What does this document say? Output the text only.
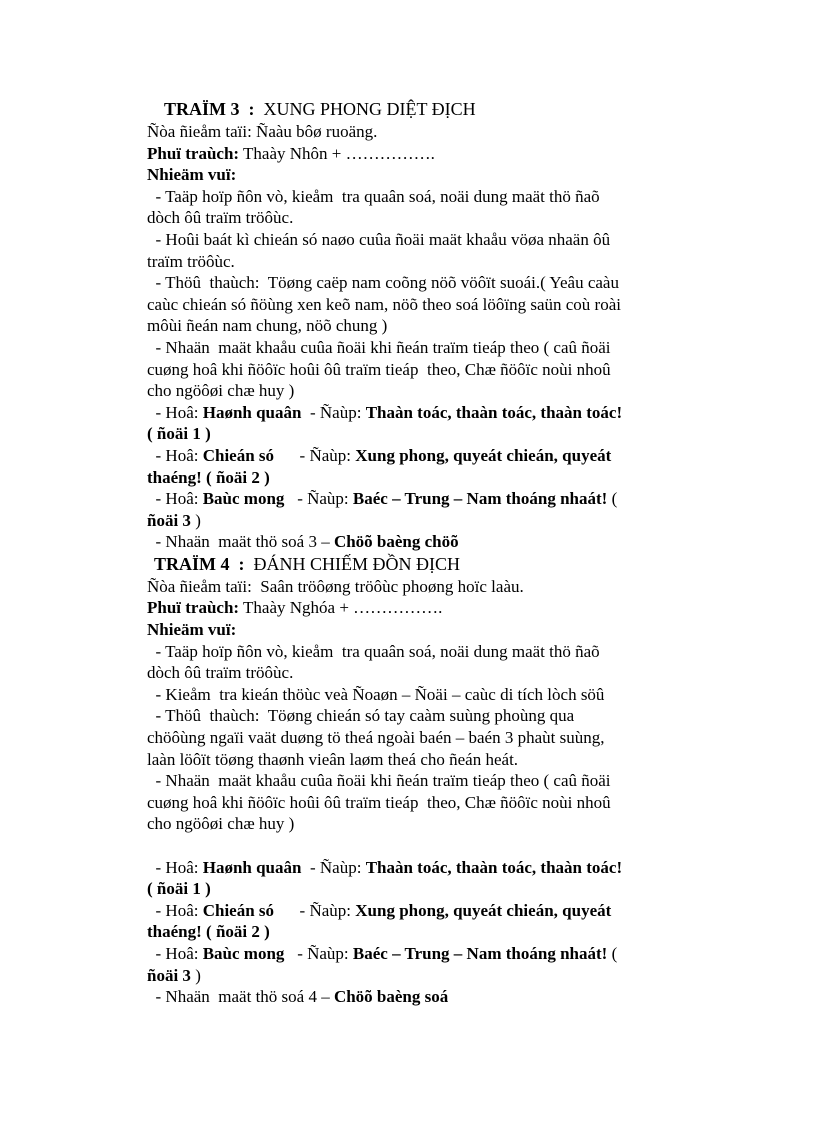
TRAÏM 3  :  XUNG PHONG DIỆT ĐỊCH
Ñòa ñieåm taïi: Ñaàu bôø ruoäng.
Phuï traùch: Thaày Nhôn + …………….
Nhieäm vuï:
- Taäp hoïp ñôn vò, kieåm  tra quaân soá, noäi dung maät thö ñaõ
dòch ôû traïm tröôùc.
- Hoûi baát kì chieán só naøo cuûa ñoäi maät khaåu vöøa nhaän ôû
traïm tröôùc.
- Thöû  thaùch:  Töøng caëp nam coõng nöõ vöôït suoái.( Yeâu caàu
caùc chieán só ñöùng xen keõ nam, nöõ theo soá löôïng saün coù roài
môùi ñeán nam chung, nöõ chung )
- Nhaän  maät khaåu cuûa ñoäi khi ñeán traïm tieáp theo ( caû ñoäi
cuøng hoâ khi ñöôïc hoûi ôû traïm tieáp  theo, Chæ ñöôïc noùi nhoû
cho ngöôøi chæ huy )
- Hoâ: Haønh quaân  - Ñaùp: Thaàn toác, thaàn toác, thaàn toác!
( ñoäi 1 )
- Hoâ: Chieán só      - Ñaùp: Xung phong, quyeát chieán, quyeát
thaéng! ( ñoäi 2 )
- Hoâ: Baùc mong   - Ñaùp: Baéc – Trung – Nam thoáng nhaát! (
ñoäi 3 )
- Nhaän  maät thö soá 3 – Chöõ baèng chöõ
TRAÏM 4  :  ĐÁNH CHIẾM ĐỒN ĐỊCH
Ñòa ñieåm taïi:  Saân tröôøng tröôùc phoøng hoïc laàu.
Phuï traùch: Thaày Nghóa + …………….
Nhieäm vuï:
- Taäp hoïp ñôn vò, kieåm  tra quaân soá, noäi dung maät thö ñaõ
dòch ôû traïm tröôùc.
- Kieåm  tra kieán thöùc veà Ñoaøn – Ñoäi – caùc di tích lòch söû
- Thöû  thaùch:  Töøng chieán só tay caàm suùng phoùng qua
chöôùng ngaïi vaät duøng tö theá ngoài baén – baén 3 phaùt suùng,
laàn löôït töøng thaønh vieân laøm theá cho ñeán heát.
- Nhaän  maät khaåu cuûa ñoäi khi ñeán traïm tieáp theo ( caû ñoäi
cuøng hoâ khi ñöôïc hoûi ôû traïm tieáp  theo, Chæ ñöôïc noùi nhoû
cho ngöôøi chæ huy )
- Hoâ: Haønh quaân  - Ñaùp: Thaàn toác, thaàn toác, thaàn toác!
( ñoäi 1 )
- Hoâ: Chieán só      - Ñaùp: Xung phong, quyeát chieán, quyeát
thaéng! ( ñoäi 2 )
- Hoâ: Baùc mong   - Ñaùp: Baéc – Trung – Nam thoáng nhaát! (
ñoäi 3 )
- Nhaän  maät thö soá 4 – Chöõ baèng soá
